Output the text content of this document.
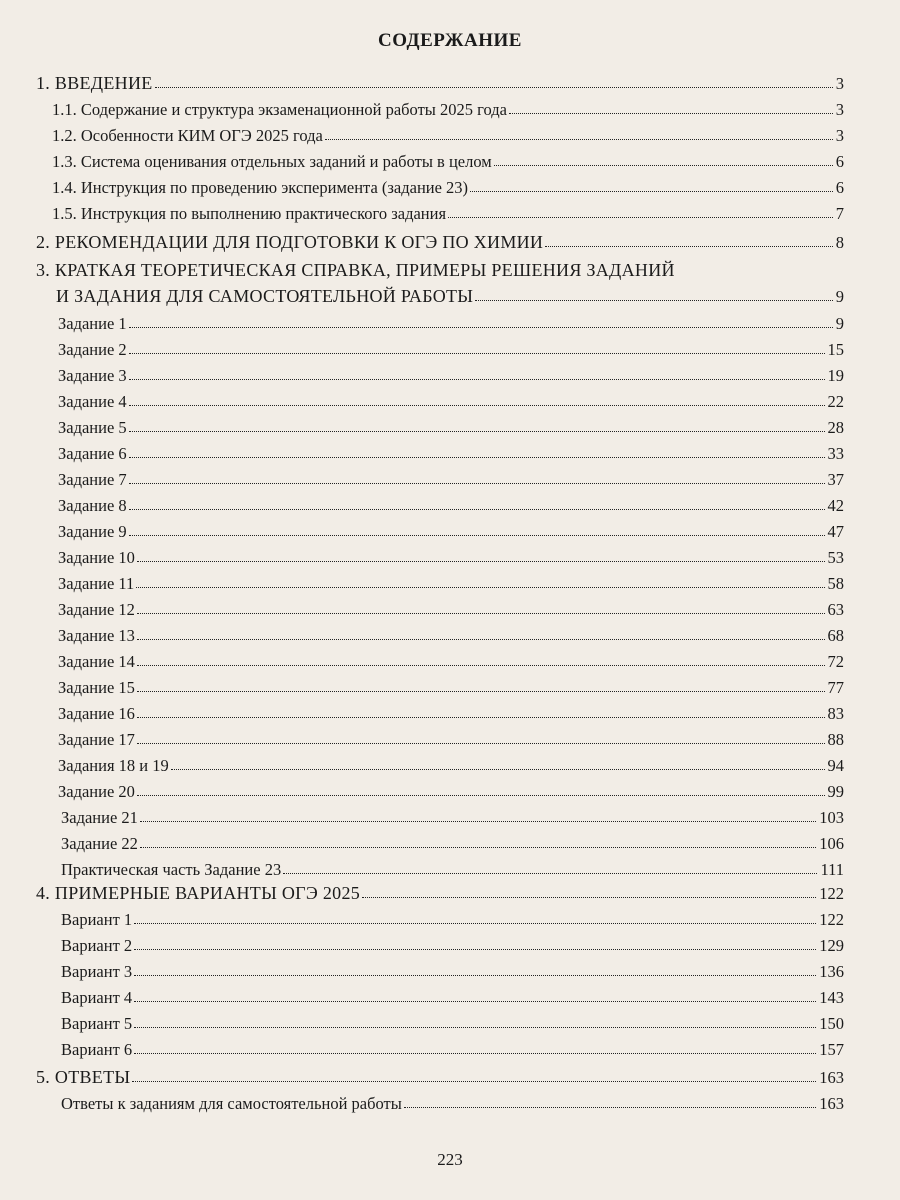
СОДЕРЖАНИЕ
1. ВВЕДЕНИЕ	3
1.1. Содержание и структура экзаменационной работы 2025 года	3
1.2. Особенности КИМ ОГЭ 2025 года	3
1.3. Система оценивания отдельных заданий и работы в целом	6
1.4. Инструкция по проведению эксперимента (задание 23)	6
1.5. Инструкция по выполнению практического задания	7
2. РЕКОМЕНДАЦИИ ДЛЯ ПОДГОТОВКИ К ОГЭ ПО ХИМИИ	8
3. КРАТКАЯ ТЕОРЕТИЧЕСКАЯ СПРАВКА, ПРИМЕРЫ РЕШЕНИЯ ЗАДАНИЙ
И ЗАДАНИЯ ДЛЯ САМОСТОЯТЕЛЬНОЙ РАБОТЫ	9
Задание 1	9
Задание 2	15
Задание 3	19
Задание 4	22
Задание 5	28
Задание 6	33
Задание 7	37
Задание 8	42
Задание 9	47
Задание 10	53
Задание 11	58
Задание 12	63
Задание 13	68
Задание 14	72
Задание 15	77
Задание 16	83
Задание 17	88
Задания 18 и 19	94
Задание 20	99
Задание 21	103
Задание 22	106
Практическая часть Задание 23	111
4. ПРИМЕРНЫЕ ВАРИАНТЫ ОГЭ 2025	122
Вариант 1	122
Вариант 2	129
Вариант 3	136
Вариант 4	143
Вариант 5	150
Вариант 6	157
5. ОТВЕТЫ	163
Ответы к заданиям для самостоятельной работы	163
223
